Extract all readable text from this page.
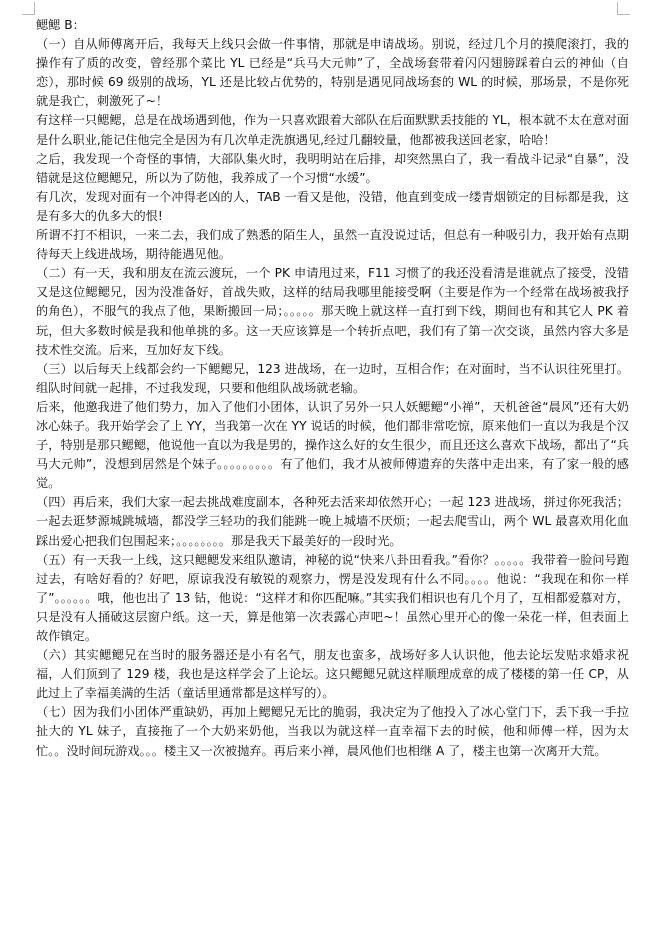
鳃鳃 B：

（一）自从师傅离开后，我每天上线只会做一件事情，那就是申请战场。别说，经过几个月的摸爬滚打，我的操作有了质的改变，曾经那个菜比 YL 已经是“兵马大元帅”了，全战场套带着闪闪翅膀踩着白云的神仙（自恋），那时候 69 级别的战场，YL 还是比较占优势的，特别是遇见同战场套的 WL 的时候，那场景，不是你死就是我亡，刺激死了~！

有这样一只鳃鳃，总是在战场遇到他，作为一只喜欢跟着大部队在后面默默丢技能的 YL，根本就不太在意对面是什么职业,能记住他完全是因为有几次单走洗旗遇见,经过几翻较量，他都被我送回老家，哈哈！

之后，我发现一个奇怪的事情，大部队集火时，我明明站在后排，却突然黑白了，我一看战斗记录“自暴”，没错就是这位鳃鳃兄，所以为了防他，我养成了一个习惯“水缓”。

有几次，发现对面有一个冲得老凶的人，TAB 一看又是他，没错，他直到变成一缕青烟锁定的目标都是我，这是有多大的仇多大的恨!

所谓不打不相识，一来二去，我们成了熟悉的陌生人，虽然一直没说过话，但总有一种吸引力，我开始有点期待每天上线进战场，期待能遇见他。

（二）有一天，我和朋友在流云渡玩，一个 PK 申请甩过来，F11 习惯了的我还没看清是谁就点了接受，没错又是这位鳃鳃兄，因为没准备好，首战失败，这样的结局我哪里能接受啊（主要是作为一个经常在战场被我抒的角色），不服气的我点了他，果断搬回一局；。。。。。那天晚上就这样一直打到下线，期间也有和其它人 PK 着玩，但大多数时候是我和他单挑的多。这一天应该算是一个转折点吧，我们有了第一次交谈，虽然内容大多是技术性交流。后来，互加好友下线。

（三）以后每天上线都会约一下鳃鳃兄，123 进战场，在一边时，互相合作；在对面时，当不认识往死里打。组队时间就一起排，不过我发现，只要和他组队战场就老输。

后来，他邀我进了他们势力，加入了他们小团体，认识了另外一只人妖鳃鳃“小禅”，天机爸爸“晨风”还有大奶冰心妹子。我开始学会了上 YY，当我第一次在 YY 说话的时候，他们都非常吃惊，原来他们一直以为我是个汉子，特别是那只鳃鳃，他说他一直以为我是男的，操作这么好的女生很少，而且还这么喜欢下战场，都出了“兵马大元帅”，没想到居然是个妹子。。。。。。。。。有了他们，我才从被师傅遗弃的失落中走出来，有了家一般的感觉。

（四）再后来，我们大家一起去挑战难度副本，各种死去活来却依然开心；一起 123 进战场，拼过你死我活；一起去逛梦源城跳城墙，都没学三轻功的我们能跳一晚上城墙不厌烦；一起去爬雪山，两个 WL 最喜欢用化血踩出爱心把我们包围起来；。。。。。。。。那是我天下最美好的一段时光。

（五）有一天我一上线，这只鳃鳃发来组队邀请，神秘的说“快来八卦田看我。”看你？。。。。。我带着一脸问号跑过去，有啥好看的？好吧，原谅我没有敏锐的观察力，愣是没发现有什么不同。。。。他说：“我现在和你一样了”。。。。。。哦，他也出了 13 钻，他说：“这样才和你匹配嘛。”其实我们相识也有几个月了，互相都爱慕对方，只是没有人捅破这层窗户纸。这一天，算是他第一次表露心声吧~！虽然心里开心的像一朵花一样，但表面上故作镇定。

（六）其实鳃鳃兄在当时的服务器还是小有名气，朋友也蛮多，战场好多人认识他，他去论坛发贴求婚求祝福，人们顶到了 129 楼，我也是这样学会了上论坛。这只鳃鳃兄就这样顺理成章的成了楼楼的第一任 CP，从此过上了幸福美满的生活（童话里通常都是这样写的）。

（七）因为我们小团体严重缺奶，再加上鳃鳃兄无比的脆弱，我决定为了他投入了冰心堂门下，丢下我一手拉扯大的 YL 妹子，直接拖了一个大奶来奶他，当我以为就这样一直幸福下去的时候，他和师傅一样，因为太忙。。没时间玩游戏。。。楼主又一次被抛弃。再后来小禅，晨风他们也相继 A 了，楼主也第一次离开大荒。
